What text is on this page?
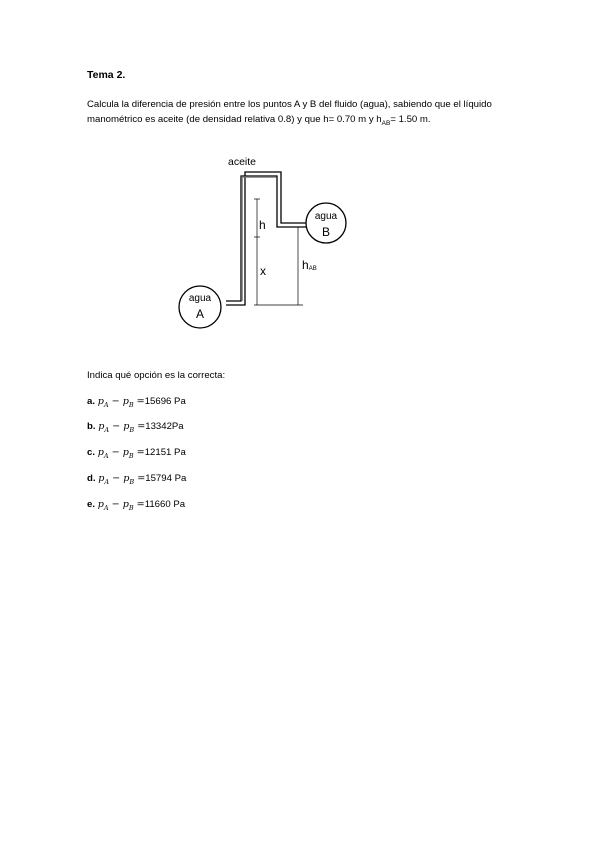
Tema 2.
Calcula la diferencia de presión entre los puntos A y B del fluido (agua), sabiendo que el líquido
manométrico es aceite (de densidad relativa 0.8) y que h= 0.70 m y $h_{AB}= 1.50$ m.
agua
B
agua
A
aceite
h
x	hAB
Indica qué opción es la correcta:
a. $p_A - p_B =15696$ Pa
b. $p_A - p_B =13342Pa$
c. $p_A - p_B =12151$ Pa
d. $p_A - p_B =15794$ Pa
e. $p_A - p_B =11660$ Pa
